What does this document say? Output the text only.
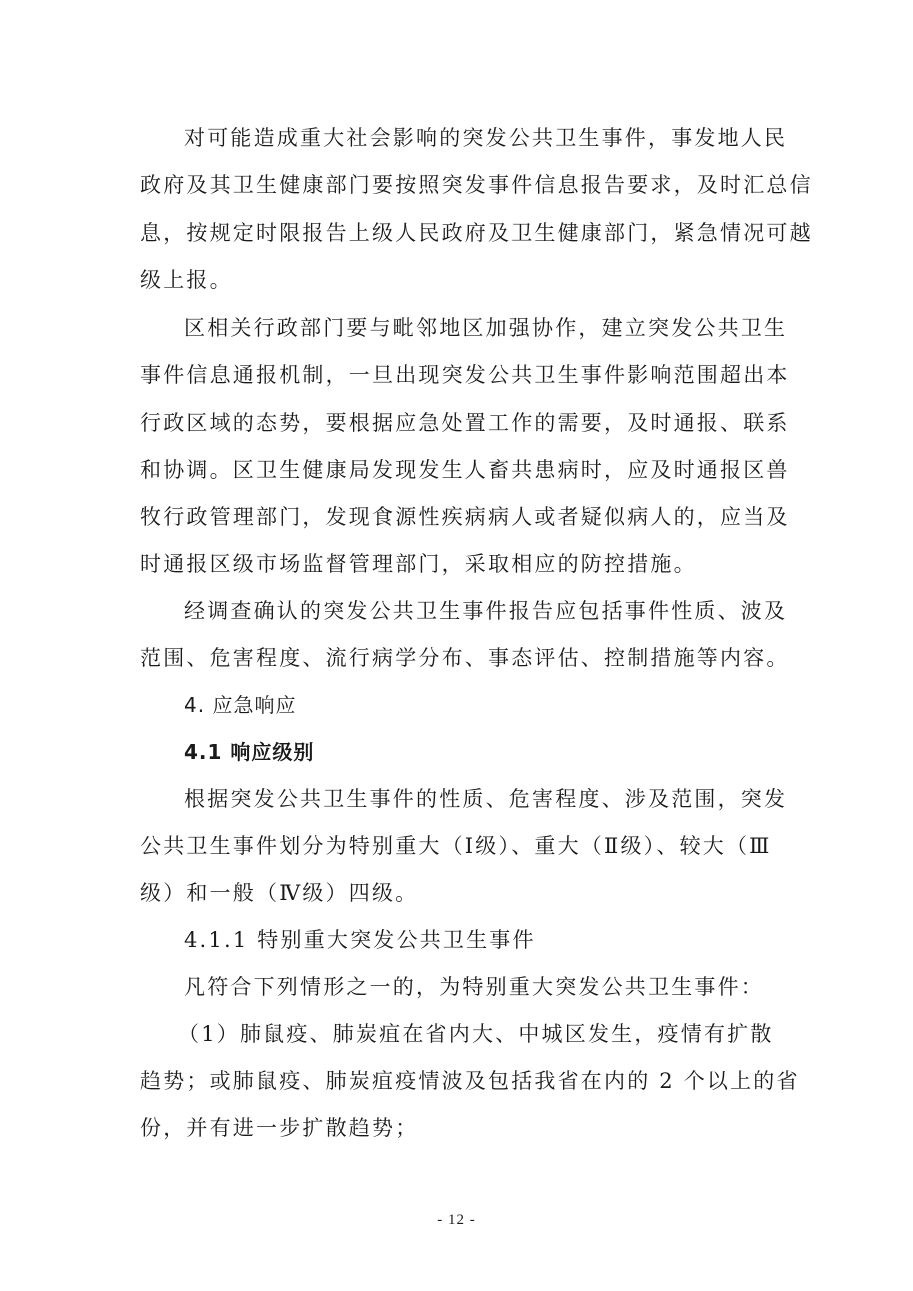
对可能造成重大社会影响的突发公共卫生事件，事发地人民
政府及其卫生健康部门要按照突发事件信息报告要求，及时汇总信
息，按规定时限报告上级人民政府及卫生健康部门，紧急情况可越
级上报。
区相关行政部门要与毗邻地区加强协作，建立突发公共卫生
事件信息通报机制，一旦出现突发公共卫生事件影响范围超出本
行政区域的态势，要根据应急处置工作的需要，及时通报、联系
和协调。区卫生健康局发现发生人畜共患病时，应及时通报区兽
牧行政管理部门，发现食源性疾病病人或者疑似病人的，应当及
时通报区级市场监督管理部门，采取相应的防控措施。
经调查确认的突发公共卫生事件报告应包括事件性质、波及
范围、危害程度、流行病学分布、事态评估、控制措施等内容。
4. 应急响应
4.1 响应级别
根据突发公共卫生事件的性质、危害程度、涉及范围，突发
公共卫生事件划分为特别重大（Ⅰ级）、重大（Ⅱ级）、较大（Ⅲ
级）和一般（Ⅳ级）四级。
4.1.1 特别重大突发公共卫生事件
凡符合下列情形之一的，为特别重大突发公共卫生事件：
（1）肺鼠疫、肺炭疽在省内大、中城区发生，疫情有扩散
趋势；或肺鼠疫、肺炭疽疫情波及包括我省在内的 2 个以上的省
份，并有进一步扩散趋势；
- 12 -
